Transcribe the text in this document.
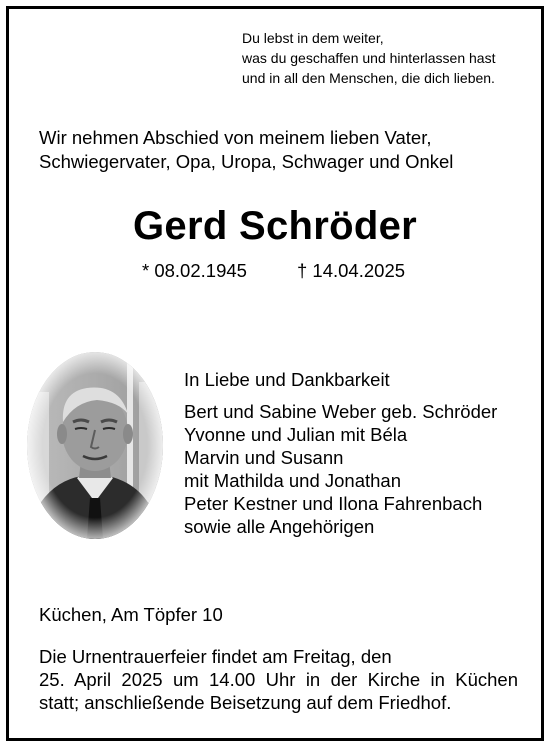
Du lebst in dem weiter,
was du geschaffen und hinterlassen hast
und in all den Menschen, die dich lieben.
Wir nehmen Abschied von meinem lieben Vater,
Schwiegervater, Opa, Uropa, Schwager und Onkel
Gerd Schröder
* 08.02.1945	† 14.04.2025
In Liebe und Dankbarkeit
Bert und Sabine Weber geb. Schröder
Yvonne und Julian mit Béla
Marvin und Susann
mit Mathilda und Jonathan
Peter Kestner und Ilona Fahrenbach
sowie alle Angehörigen
Küchen, Am Töpfer 10
Die Urnentrauerfeier findet am Freitag, den
25. April 2025 um 14.00 Uhr in der Kirche in Küchen
statt; anschließende Beisetzung auf dem Friedhof.
